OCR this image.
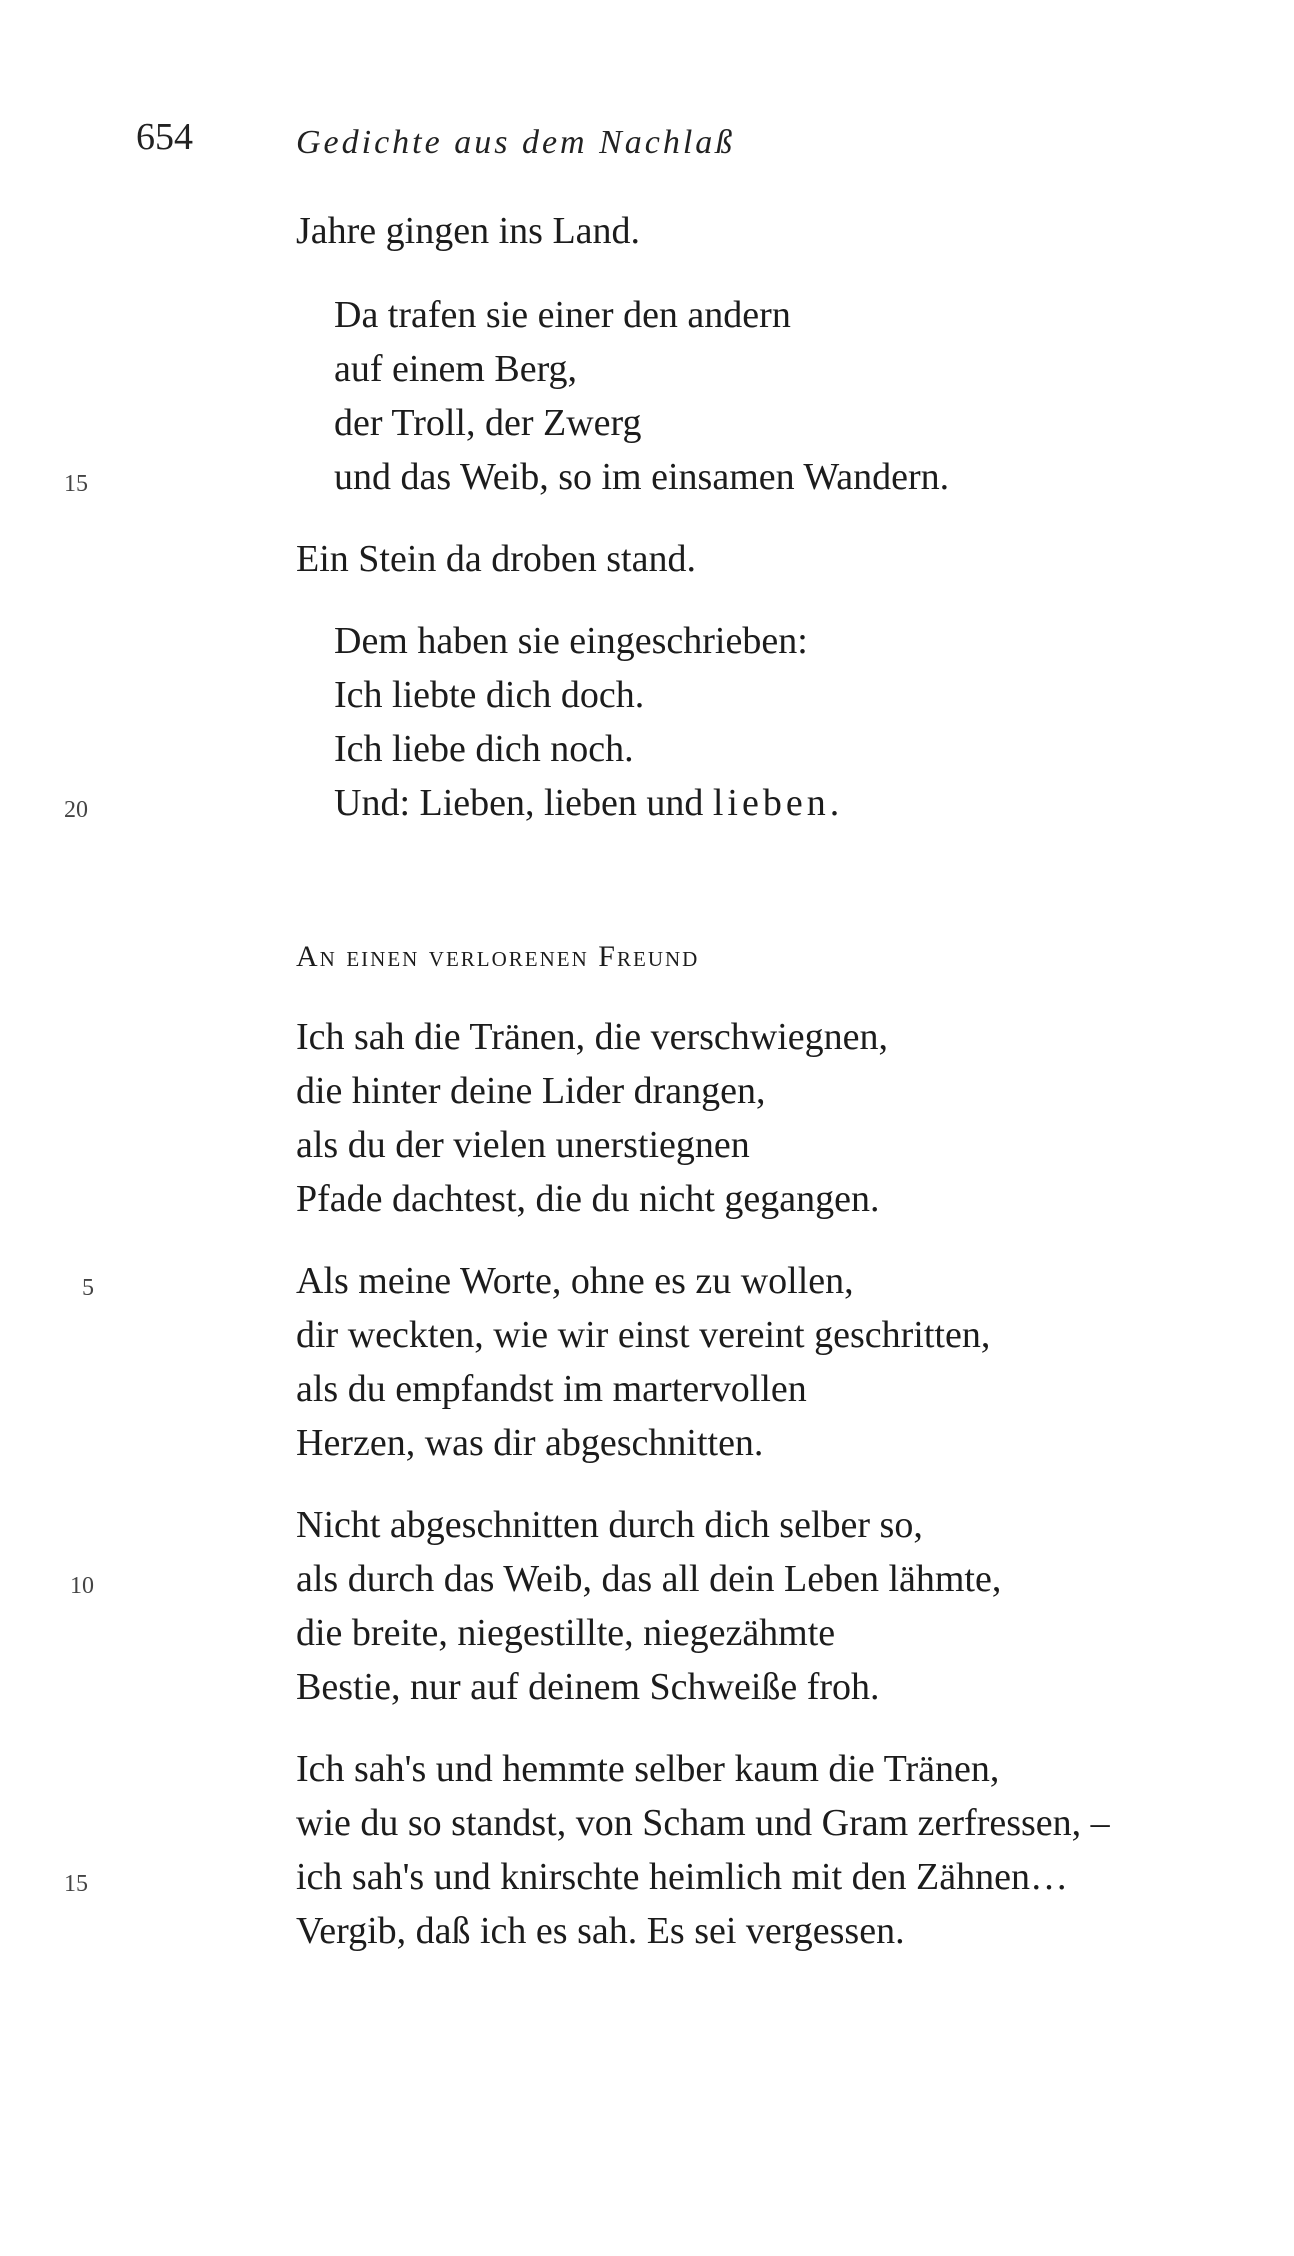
654	Gedichte aus dem Nachlaß
Jahre gingen ins Land.
Da trafen sie einer den andern
auf einem Berg,
der Troll, der Zwerg
und das Weib, so im einsamen Wandern.
15
Ein Stein da droben stand.
Dem haben sie eingeschrieben:
Ich liebte dich doch.
Ich liebe dich noch.
Und: Lieben, lieben und lieben.
20
An einen verlorenen Freund
Ich sah die Tränen, die verschwiegnen,
die hinter deine Lider drangen,
als du der vielen unerstiegnen
Pfade dachtest, die du nicht gegangen.
Als meine Worte, ohne es zu wollen,
5
dir weckten, wie wir einst vereint geschritten,
als du empfandst im martervollen
Herzen, was dir abgeschnitten.
Nicht abgeschnitten durch dich selber so,
als durch das Weib, das all dein Leben lähmte,
10
die breite, niegestillte, niegezähmte
Bestie, nur auf deinem Schweiße froh.
Ich sah's und hemmte selber kaum die Tränen,
wie du so standst, von Scham und Gram zerfressen, –
ich sah's und knirschte heimlich mit den Zähnen…
15
Vergib, daß ich es sah. Es sei vergessen.
